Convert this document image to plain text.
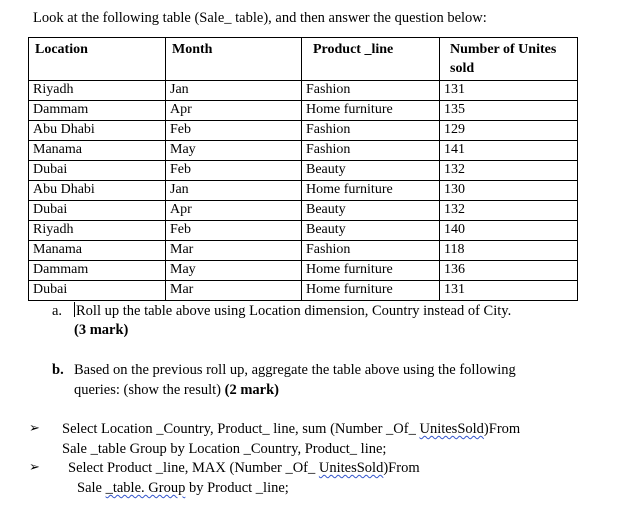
Look at the following table (Sale_ table), and then answer the question below:
Location	Month	Product _line	Number of Unites
sold

Riyadh	Jan	Fashion	131
Dammam	Apr	Home furniture	135
Abu Dhabi	Feb	Fashion	129
Manama	May	Fashion	141
Dubai	Feb	Beauty	132
Abu Dhabi	Jan	Home furniture	130
Dubai	Apr	Beauty	132
Riyadh	Feb	Beauty	140
Manama	Mar	Fashion	118
Dammam	May	Home furniture	136
Dubai	Mar	Home furniture	131
a. Roll up the table above using Location dimension, Country instead of City.
(3 mark)
b. Based on the previous roll up, aggregate the table above using the following
queries: (show the result) (2 mark)
➢ Select Location _Country, Product_ line, sum (Number _Of_ UnitesSold)From
Sale _table Group by Location _Country, Product_ line;
➢ Select Product _line, MAX (Number _Of_ UnitesSold)From
Sale _table. Group by Product _line;
